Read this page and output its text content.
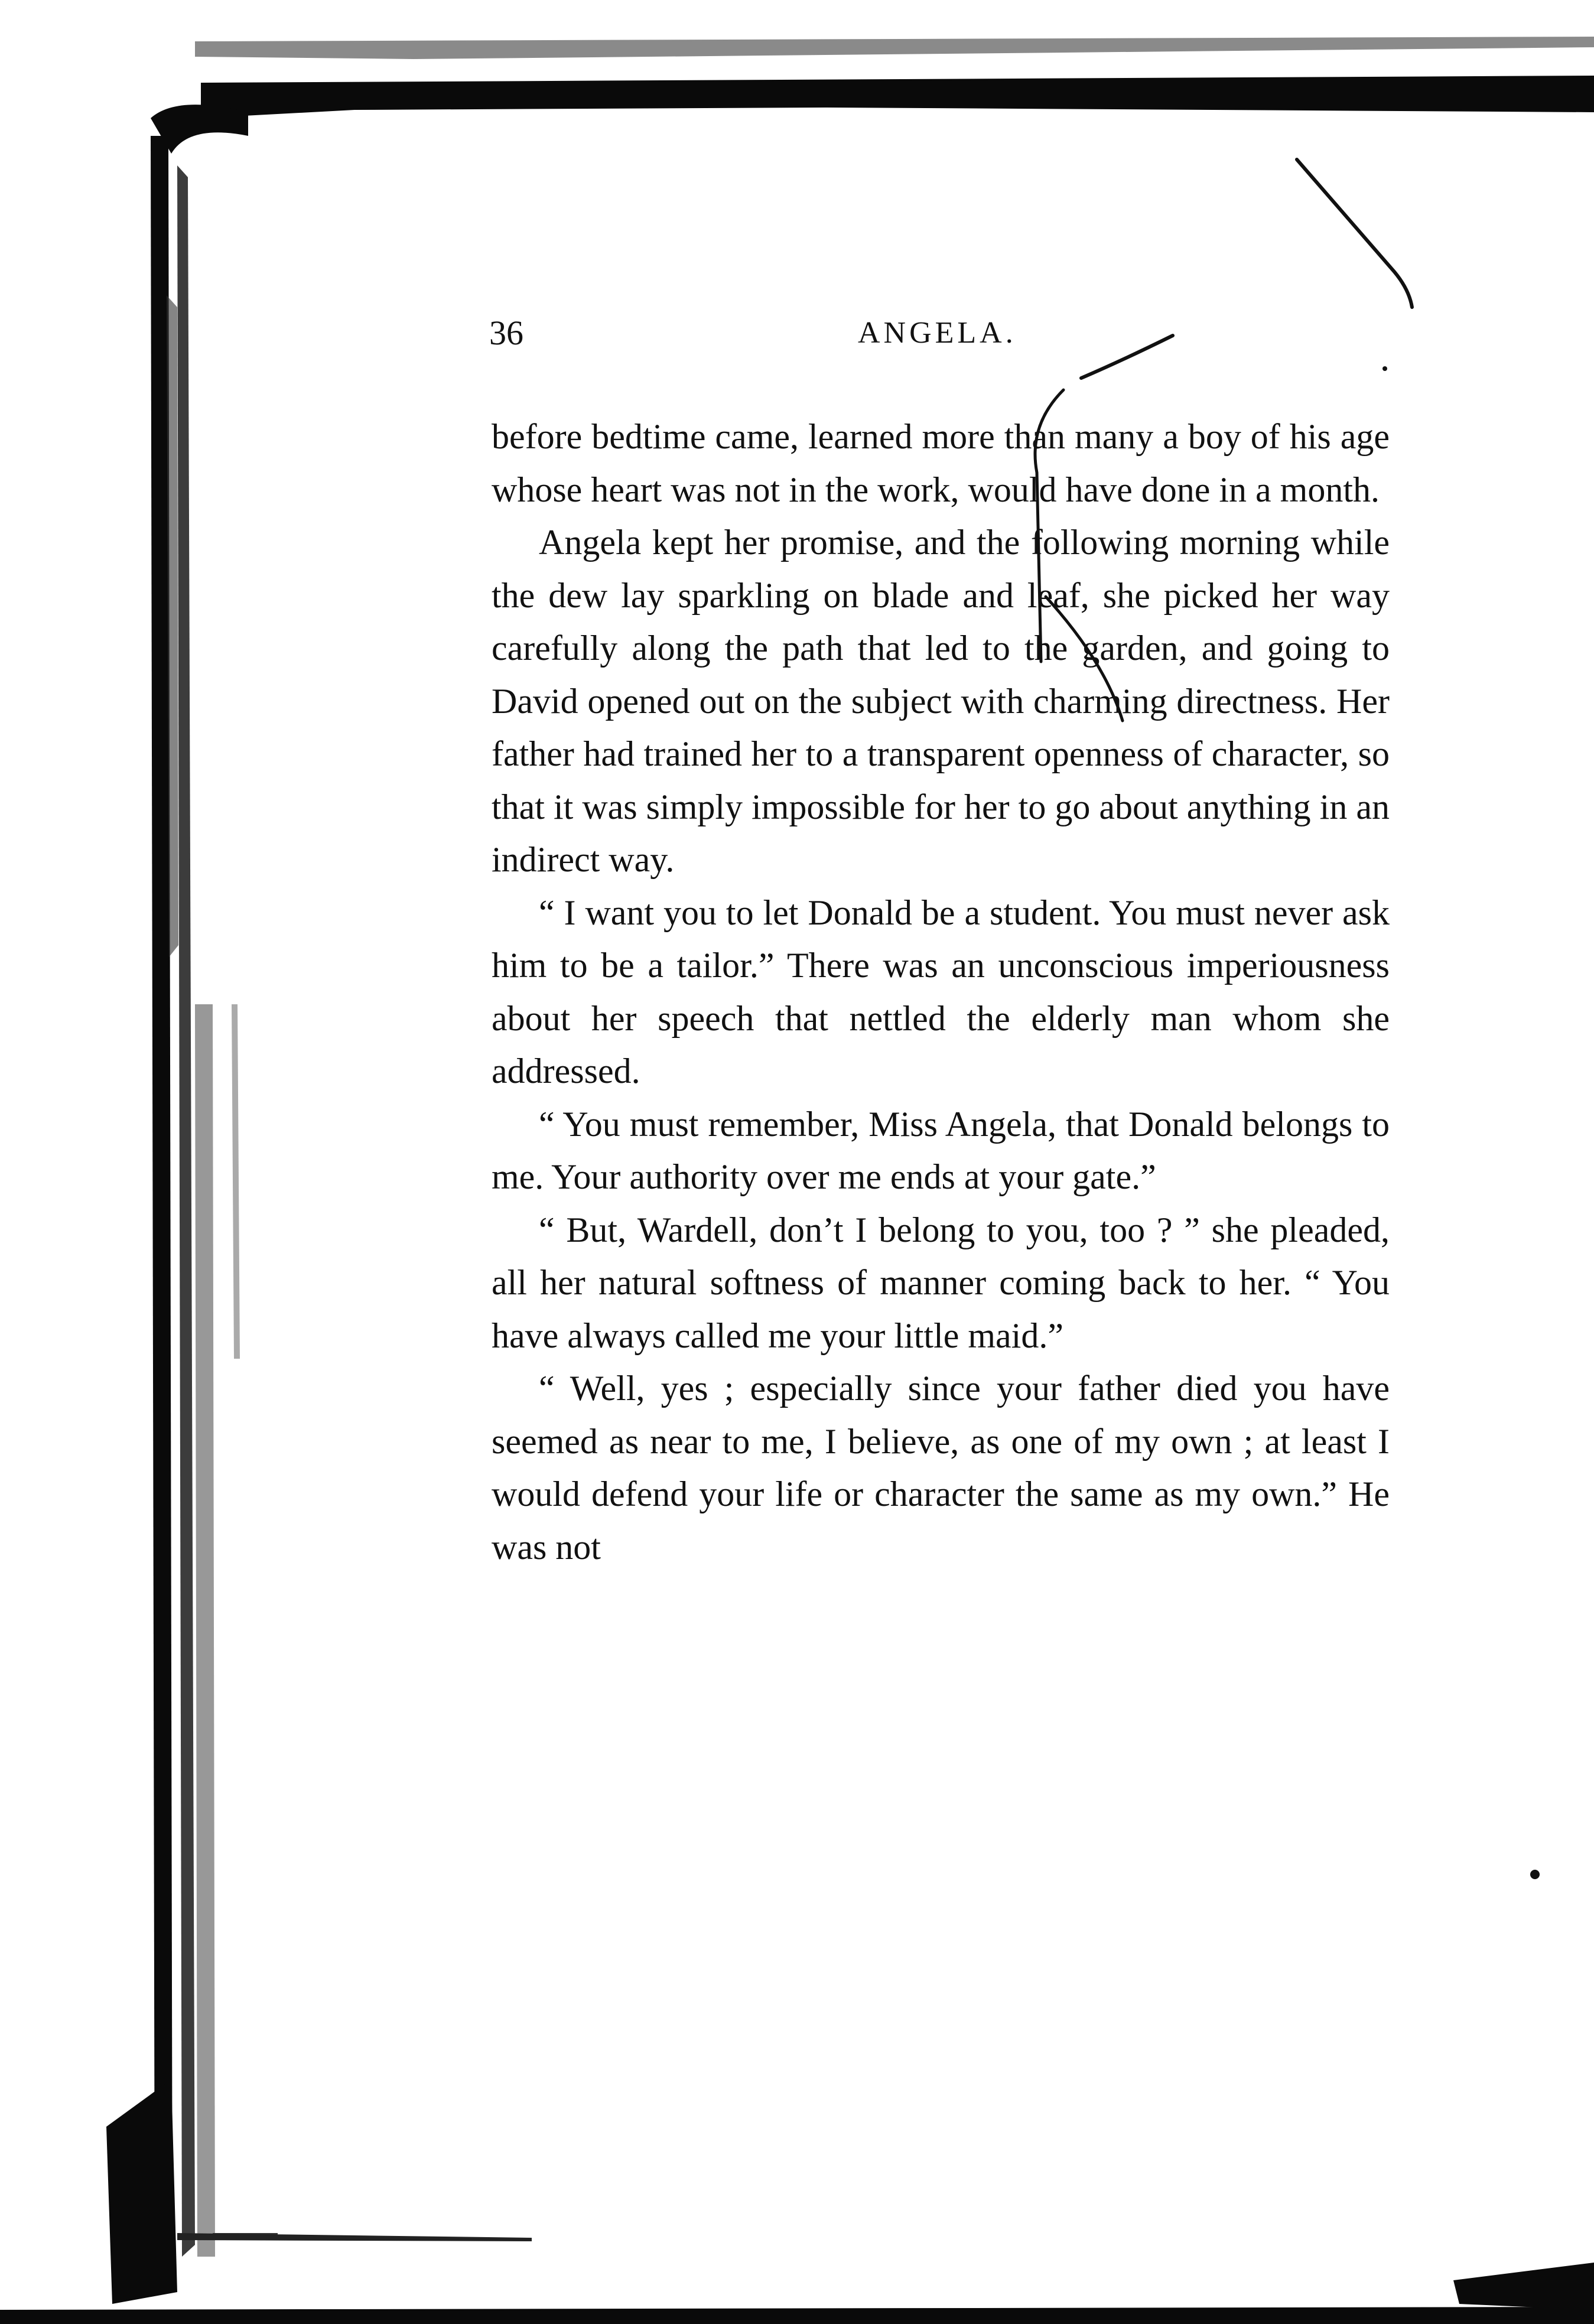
36	ANGELA.

before bedtime came, learned more than many a boy of his age whose heart was not in the work, would have done in a month.

Angela kept her promise, and the following morning while the dew lay sparkling on blade and leaf, she picked her way carefully along the path that led to the garden, and going to David opened out on the subject with charming directness. Her father had trained her to a transparent openness of character, so that it was simply impossible for her to go about anything in an indirect way.

“ I want you to let Donald be a student. You must never ask him to be a tailor.” There was an unconscious imperiousness about her speech that nettled the elderly man whom she addressed.

“ You must remember, Miss Angela, that Donald belongs to me. Your authority over me ends at your gate.”

“ But, Wardell, don’t I belong to you, too ? ” she pleaded, all her natural softness of manner coming back to her. “ You have always called me your little maid.”

“ Well, yes ; especially since your father died you have seemed as near to me, I believe, as one of my own ; at least I would defend your life or character the same as my own.” He was not
